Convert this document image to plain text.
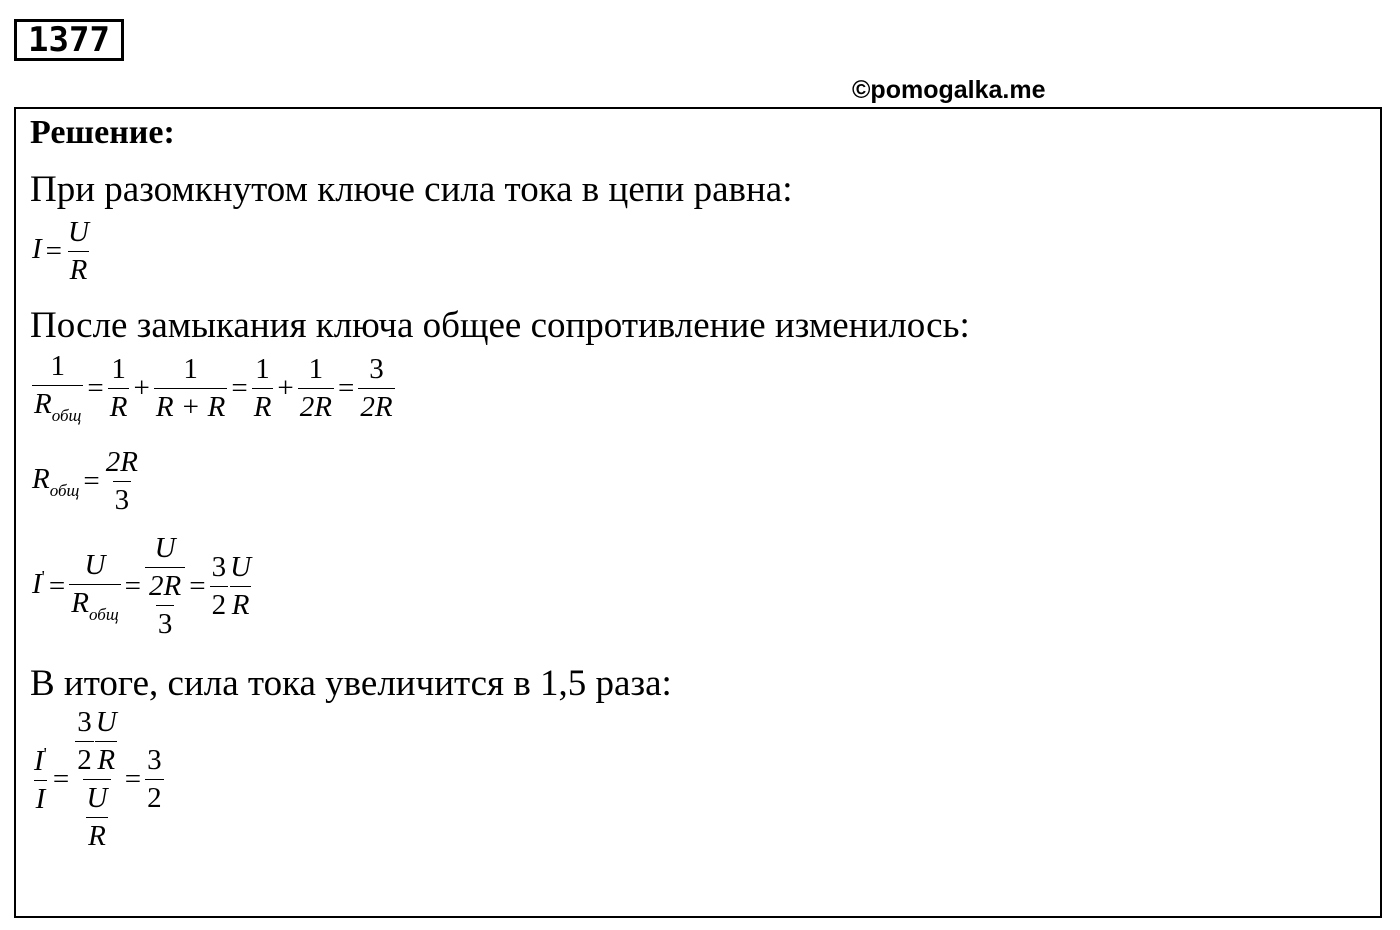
1377
©pomogalka.me
Решение:
При разомкнутом ключе сила тока в цепи равна:
$I = \frac{U}{R}$
После замыкания ключа общее сопротивление изменилось:
$\frac{1}{R_{общ}} = \frac{1}{R} + \frac{1}{R + R} = \frac{1}{R} + \frac{1}{2R} = \frac{3}{2R}$
$R_{общ} = \frac{2R}{3}$
$I' = \frac{U}{R_{общ}} = \frac{U}{\frac{2R}{3}} = \frac{3}{2} \frac{U}{R}$
В итоге, сила тока увеличится в 1,5 раза:
$\frac{I'}{I} = \frac{\frac{3}{2} \frac{U}{R}}{\frac{U}{R}} = \frac{3}{2}$
